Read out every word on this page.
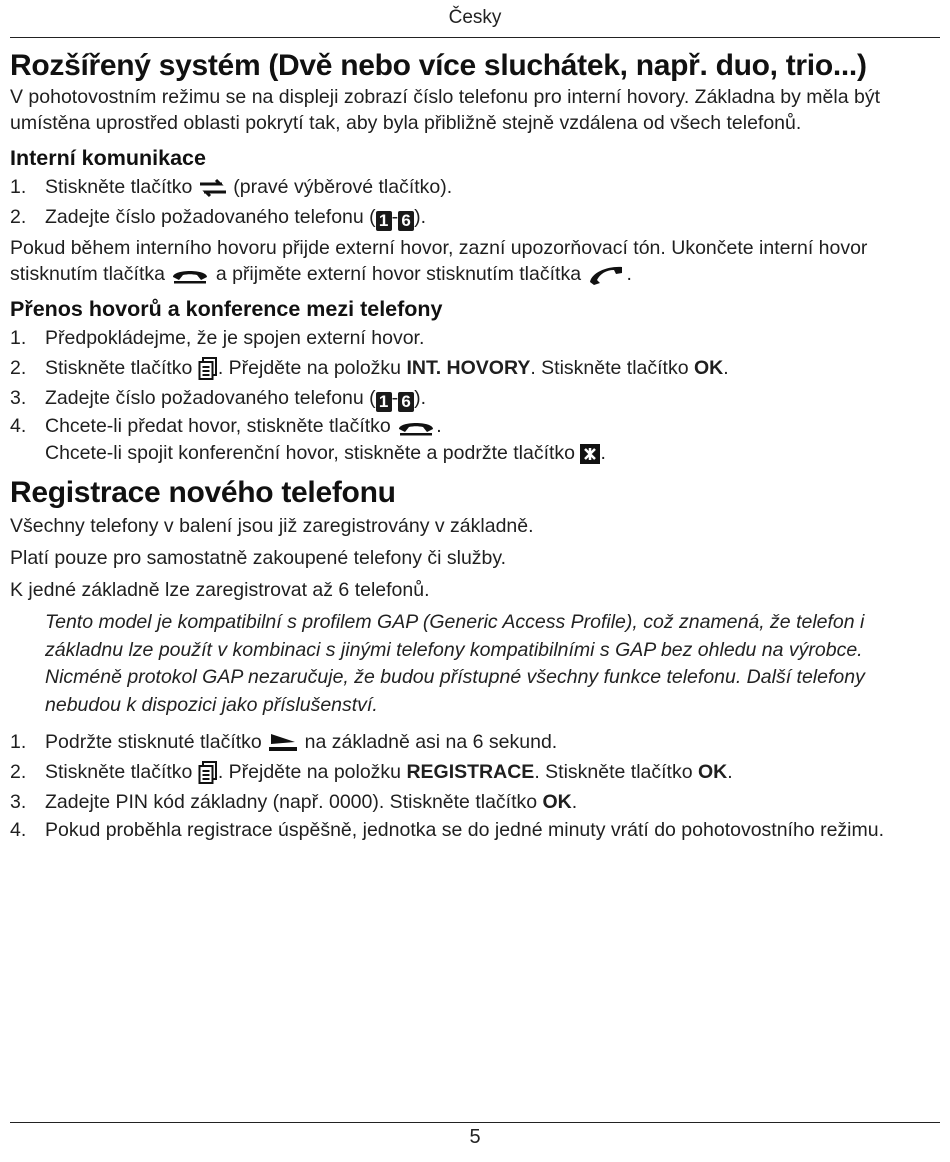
Česky
Rozšířený systém (Dvě nebo více sluchátek, např. duo, trio...)

V pohotovostním režimu se na displeji zobrazí číslo telefonu pro interní hovory. Základna by měla být umístěna uprostřed oblasti pokrytí tak, aby byla přibližně stejně vzdálena od všech telefonů.

Interní komunikace
1. Stiskněte tlačítko (pravé výběrové tlačítko).
2. Zadejte číslo požadovaného telefonu ( 1 - 6 ).

Pokud během interního hovoru přijde externí hovor, zazní upozorňovací tón. Ukončete interní hovor stisknutím tlačítka	a přijměte externí hovor stisknutím tlačítka .

Přenos hovorů a konference mezi telefony
1. Předpokládejme, že je spojen externí hovor.
2. Stiskněte tlačítko . Přejděte na položku INT. HOVORY. Stiskněte tlačítko OK.
3. Zadejte číslo požadovaného telefonu ( 1 - 6 ).
4. Chcete-li předat hovor, stiskněte tlačítko .
Chcete-li spojit konferenční hovor, stiskněte a podržte tlačítko .
Registrace nového telefonu

Všechny telefony v balení jsou již zaregistrovány v základně.

Platí pouze pro samostatně zakoupené telefony či služby.

K jedné základně lze zaregistrovat až 6 telefonů.

Tento model je kompatibilní s profilem GAP (Generic Access Profile), což znamená, že telefon i základnu lze použít v kombinaci s jinými telefony kompatibilními s GAP bez ohledu na výrobce. Nicméně protokol GAP nezaručuje, že budou přístupné všechny funkce telefonu. Další telefony nebudou k dispozici jako příslušenství.

1. Podržte stisknuté tlačítko na základně asi na 6 sekund.
2. Stiskněte tlačítko . Přejděte na položku REGISTRACE. Stiskněte tlačítko OK.
3. Zadejte PIN kód základny (např. 0000). Stiskněte tlačítko OK.
4. Pokud proběhla registrace úspěšně, jednotka se do jedné minuty vrátí do pohotovostního režimu.
5
